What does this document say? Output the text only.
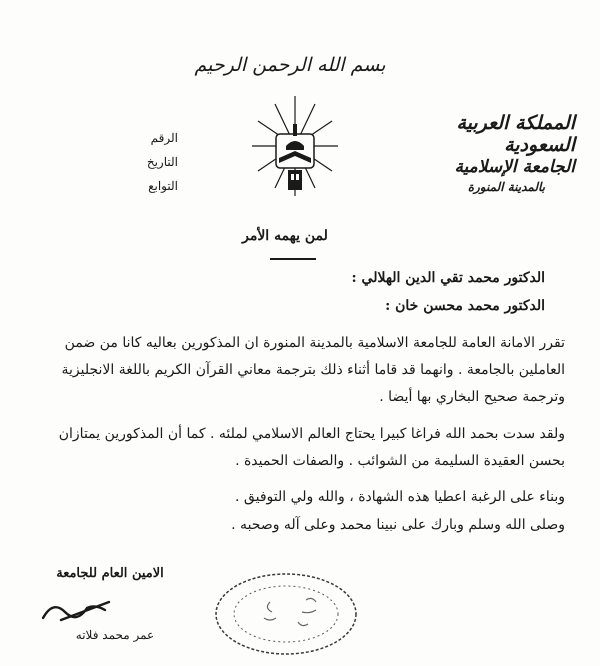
بسم الله الرحمن الرحيم
المملكة العربية السعودية
الجامعة الإسلامية
بالمدينة المنورة
الرقم
التاريخ
التوابع
لمن يهمه الأمر
الدكتور محمد تقي الدين الهلالي :
الدكتور محمد محسن خان :
تقرر الامانة العامة للجامعة الاسلامية بالمدينة المنورة ان المذكورين بعاليه كانا من ضمن العاملين بالجامعة . وانهما قد قاما أثناء ذلك بترجمة معاني القرآن الكريم باللغة الانجليزية وترجمة صحيح البخاري بها أيضا .
ولقد سدت بحمد الله فراغا كبيرا يحتاج العالم الاسلامي لملئه . كما أن المذكورين يمتازان بحسن العقيدة السليمة من الشوائب . والصفات الحميدة .
وبناء على الرغبة اعطيا هذه الشهادة ، والله ولي التوفيق .
وصلى الله وسلم وبارك على نبينا محمد وعلى آله وصحبه .
الامين العام للجامعة
عمر محمد فلاته
